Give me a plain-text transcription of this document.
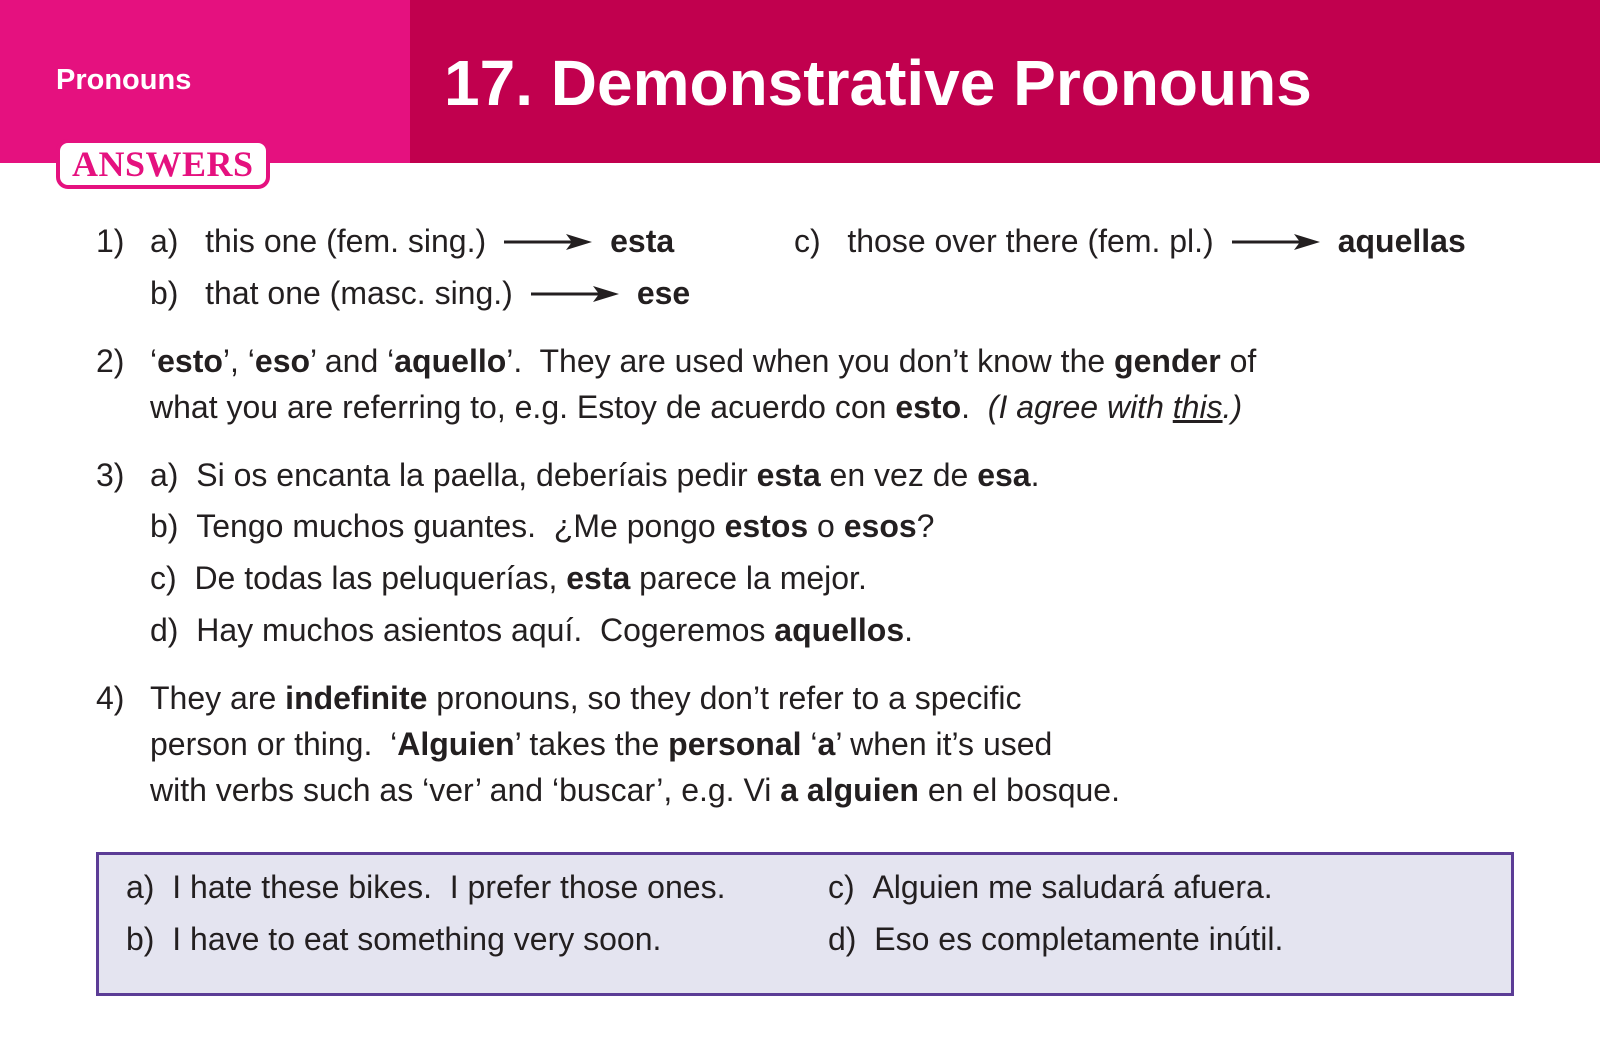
Pronouns	17. Demonstrative Pronouns
ANSWERS
1) a) this one (fem. sing.)	esta	c) those over there (fem. pl.)	aquellas
b) that one (masc. sing.)	ese
2) ‘esto’, ‘eso’ and ‘aquello’.  They are used when you don’t know the gender of
what you are referring to, e.g. Estoy de acuerdo con esto.  (I agree with this.)
3) a) Si os encanta la paella, deberíais pedir esta en vez de esa.
b) Tengo muchos guantes.  ¿Me pongo estos o esos?
c) De todas las peluquerías, esta parece la mejor.
d) Hay muchos asientos aquí.  Cogeremos aquellos.
4) They are indefinite pronouns, so they don’t refer to a specific
person or thing.  ‘Alguien’ takes the personal ‘a’ when it’s used
with verbs such as ‘ver’ and ‘buscar’, e.g. Vi a alguien en el bosque.
a) I hate these bikes.  I prefer those ones.
b) I have to eat something very soon.
c) Alguien me saludará afuera.
d) Eso es completamente inútil.
